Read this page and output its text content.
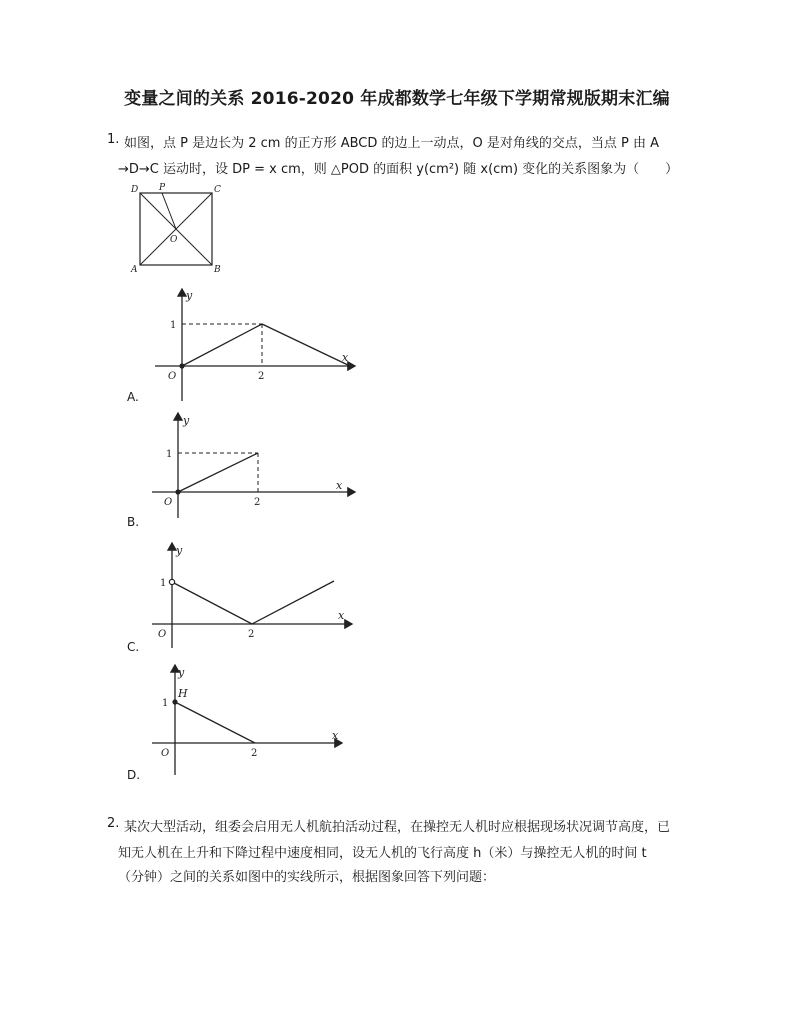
变量之间的关系 2016-2020 年成都数学七年级下学期常规版期末汇编
1. 如图，点 P 是边长为 2 cm 的正方形 ABCD 的边上一动点，O 是对角线的交点，当点 P 由 A
→D→C 运动时，设 DP = x cm，则 △POD 的面积 y(cm²) 随 x(cm) 变化的关系图象为（　　）
D P	C
O
A	B
y
x
1
2
O
A.
y
x
1
2
O
B.
y
x
1
2
O
C.
y
x
H
1
2
O
D.
2. 某次大型活动，组委会启用无人机航拍活动过程，在操控无人机时应根据现场状况调节高度，已
知无人机在上升和下降过程中速度相同，设无人机的飞行高度 h（米）与操控无人机的时间 t
（分钟）之间的关系如图中的实线所示，根据图象回答下列问题：
